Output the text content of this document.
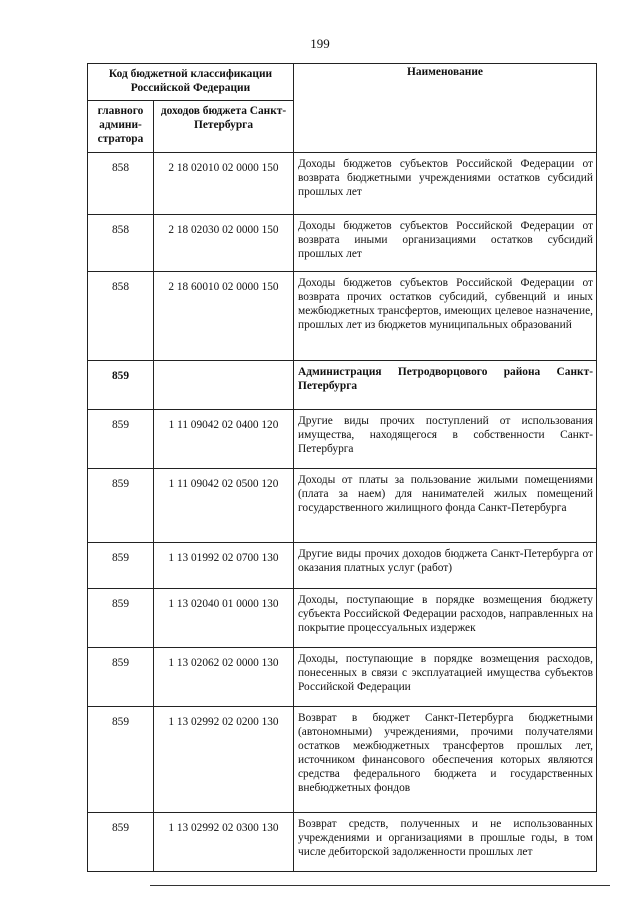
199
Код бюджетной классификации Российской Федерации		Наименование
главного админи-стратора	доходов бюджета Санкт-Петербурга	
858	2 18 02010 02 0000 150	Доходы бюджетов субъектов Российской Федерации от возврата бюджетными учреждениями остатков субсидий прошлых лет
858	2 18 02030 02 0000 150	Доходы бюджетов субъектов Российской Федерации от возврата иными организациями остатков субсидий прошлых лет
858	2 18 60010 02 0000 150	Доходы бюджетов субъектов Российской Федерации от возврата прочих остатков субсидий, субвенций и иных межбюджетных трансфертов, имеющих целевое назначение, прошлых лет из бюджетов муниципальных образований
859		Администрация Петродворцового района Санкт-Петербурга
859	1 11 09042 02 0400 120	Другие виды прочих поступлений от использования имущества, находящегося в собственности Санкт-Петербурга
859	1 11 09042 02 0500 120	Доходы от платы за пользование жилыми помещениями (плата за наем) для нанимателей жилых помещений государственного жилищного фонда Санкт-Петербурга
859	1 13 01992 02 0700 130	Другие виды прочих доходов бюджета Санкт-Петербурга от оказания платных услуг (работ)
859	1 13 02040 01 0000 130	Доходы, поступающие в порядке возмещения бюджету субъекта Российской Федерации расходов, направленных на покрытие процессуальных издержек
859	1 13 02062 02 0000 130	Доходы, поступающие в порядке возмещения расходов, понесенных в связи с эксплуатацией имущества субъектов Российской Федерации
859	1 13 02992 02 0200 130	Возврат в бюджет Санкт-Петербурга бюджетными (автономными) учреждениями, прочими получателями остатков межбюджетных трансфертов прошлых лет, источником финансового обеспечения которых являются средства федерального бюджета и государственных внебюджетных фондов
859	1 13 02992 02 0300 130	Возврат средств, полученных и не использованных учреждениями и организациями в прошлые годы, в том числе дебиторской задолженности прошлых лет
